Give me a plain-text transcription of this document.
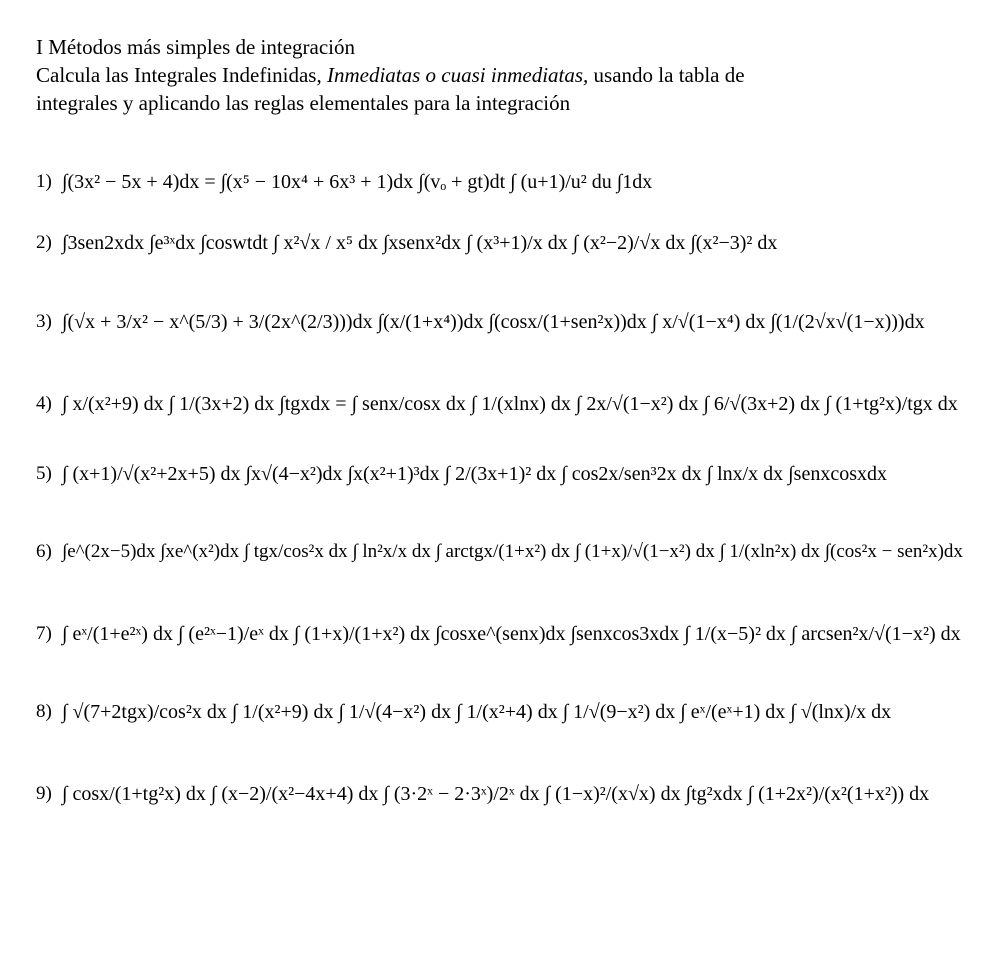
I Métodos más simples de integración
Calcula las Integrales Indefinidas, Inmediatas o cuasi inmediatas, usando la tabla de
integrales y aplicando las reglas elementales para la integración
1) ∫(3x² − 5x + 4)dx = ∫(x⁵ − 10x⁴ + 6x³ + 1)dx ∫(vₒ + gt)dt ∫ (u+1)/u² du ∫1dx
2) ∫3sen2xdx ∫e³ˣdx ∫coswtdt ∫ x²√x / x⁵ dx ∫xsenx²dx ∫ (x³+1)/x dx ∫ (x²−2)/√x dx ∫(x²−3)² dx
3) ∫(√x + 3/x² − x^(5/3) + 3/(2x^(2/3)))dx ∫(x/(1+x⁴))dx ∫(cosx/(1+sen²x))dx ∫ x/√(1−x⁴) dx ∫(1/(2√x√(1−x)))dx
4) ∫ x/(x²+9) dx ∫ 1/(3x+2) dx ∫tgxdx = ∫ senx/cosx dx ∫ 1/(xlnx) dx ∫ 2x/√(1−x²) dx ∫ 6/√(3x+2) dx ∫ (1+tg²x)/tgx dx
5) ∫ (x+1)/√(x²+2x+5) dx ∫x√(4−x²)dx ∫x(x²+1)³dx ∫ 2/(3x+1)² dx ∫ cos2x/sen³2x dx ∫ lnx/x dx ∫senxcosxdx
6) ∫e^(2x−5)dx ∫xe^(x²)dx ∫ tgx/cos²x dx ∫ ln²x/x dx ∫ arctgx/(1+x²) dx ∫ (1+x)/√(1−x²) dx ∫ 1/(xln²x) dx ∫(cos²x − sen²x)dx
7) ∫ eˣ/(1+e²ˣ) dx ∫ (e²ˣ−1)/eˣ dx ∫ (1+x)/(1+x²) dx ∫cosxe^(senx)dx ∫senxcos3xdx ∫ 1/(x−5)² dx ∫ arcsen²x/√(1−x²) dx
8) ∫ √(7+2tgx)/cos²x dx ∫ 1/(x²+9) dx ∫ 1/√(4−x²) dx ∫ 1/(x²+4) dx ∫ 1/√(9−x²) dx ∫ eˣ/(eˣ+1) dx ∫ √(lnx)/x dx
9) ∫ cosx/(1+tg²x) dx ∫ (x−2)/(x²−4x+4) dx ∫ (3·2ˣ − 2·3ˣ)/2ˣ dx ∫ (1−x)²/(x√x) dx ∫tg²xdx ∫ (1+2x²)/(x²(1+x²)) dx
